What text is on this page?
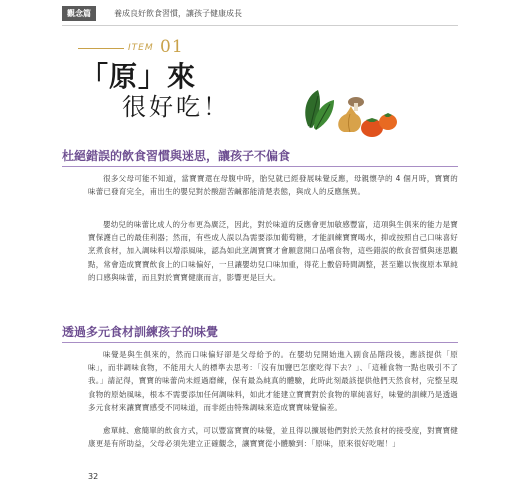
觀念篇	養成良好飲食習慣，讓孩子健康成長
ITEM 01
「原」來
很好吃！
杜絕錯誤的飲食習慣與迷思，讓孩子不偏食

很多父母可能不知道，當寶寶還在母腹中時，胎兒就已經發展味覺反應，母親懷孕的 4 個月時，寶寶的味蕾已發育完全，甫出生的嬰兒對於酸甜苦鹹都能清楚表態，與成人的反應無異。

嬰幼兒的味蕾比成人的分布更為廣泛，因此，對於味道的反應會更加敏感豐富，這項與生俱來的能力是寶寶保護自己的最佳利器；然而，有些成人誤以為需要添加葡萄糖，才能訓練寶寶喝水，抑或按照自己口味喜好烹煮食材，加入調味料以增添風味，認為如此烹調寶寶才會願意開口品嚐食物，這些錯誤的飲食習慣與迷思觀點，常會造成寶寶飲食上的口味偏好，一旦讓嬰幼兒口味加重，得花上數倍時間調整，甚至難以恢復原本單純的口感與味蕾，而且對於寶寶健康而言，影響更是巨大。

透過多元食材訓練孩子的味覺

味覺是與生俱來的，然而口味偏好卻是父母給予的。在嬰幼兒開始進入副食品階段後，應該提供「原味」，而非調味食物，不能用大人的標準去思考：「沒有加鹽巴怎麼吃得下去？」、「這種食物一點也吸引不了我。」請記得，寶寶的味蕾尚未經過磨練，保有最為純真的體驗，此時此刻最該提供他們天然食材，完整呈現食物的原始風味，根本不需要添加任何調味料，如此才能建立寶寶對於食物的單純喜好，味覺的訓練乃是透過多元食材來讓寶寶感受不同味道，而非經由特殊調味來造成寶寶味覺偏差。

愈單純、愈簡單的飲食方式，可以豐富寶寶的味覺，並且得以擴展他們對於天然食材的接受度，對寶寶健康更是有所助益，父母必須先建立正確觀念，讓寶寶從小體驗到：「原味，原來很好吃喔！」

32
